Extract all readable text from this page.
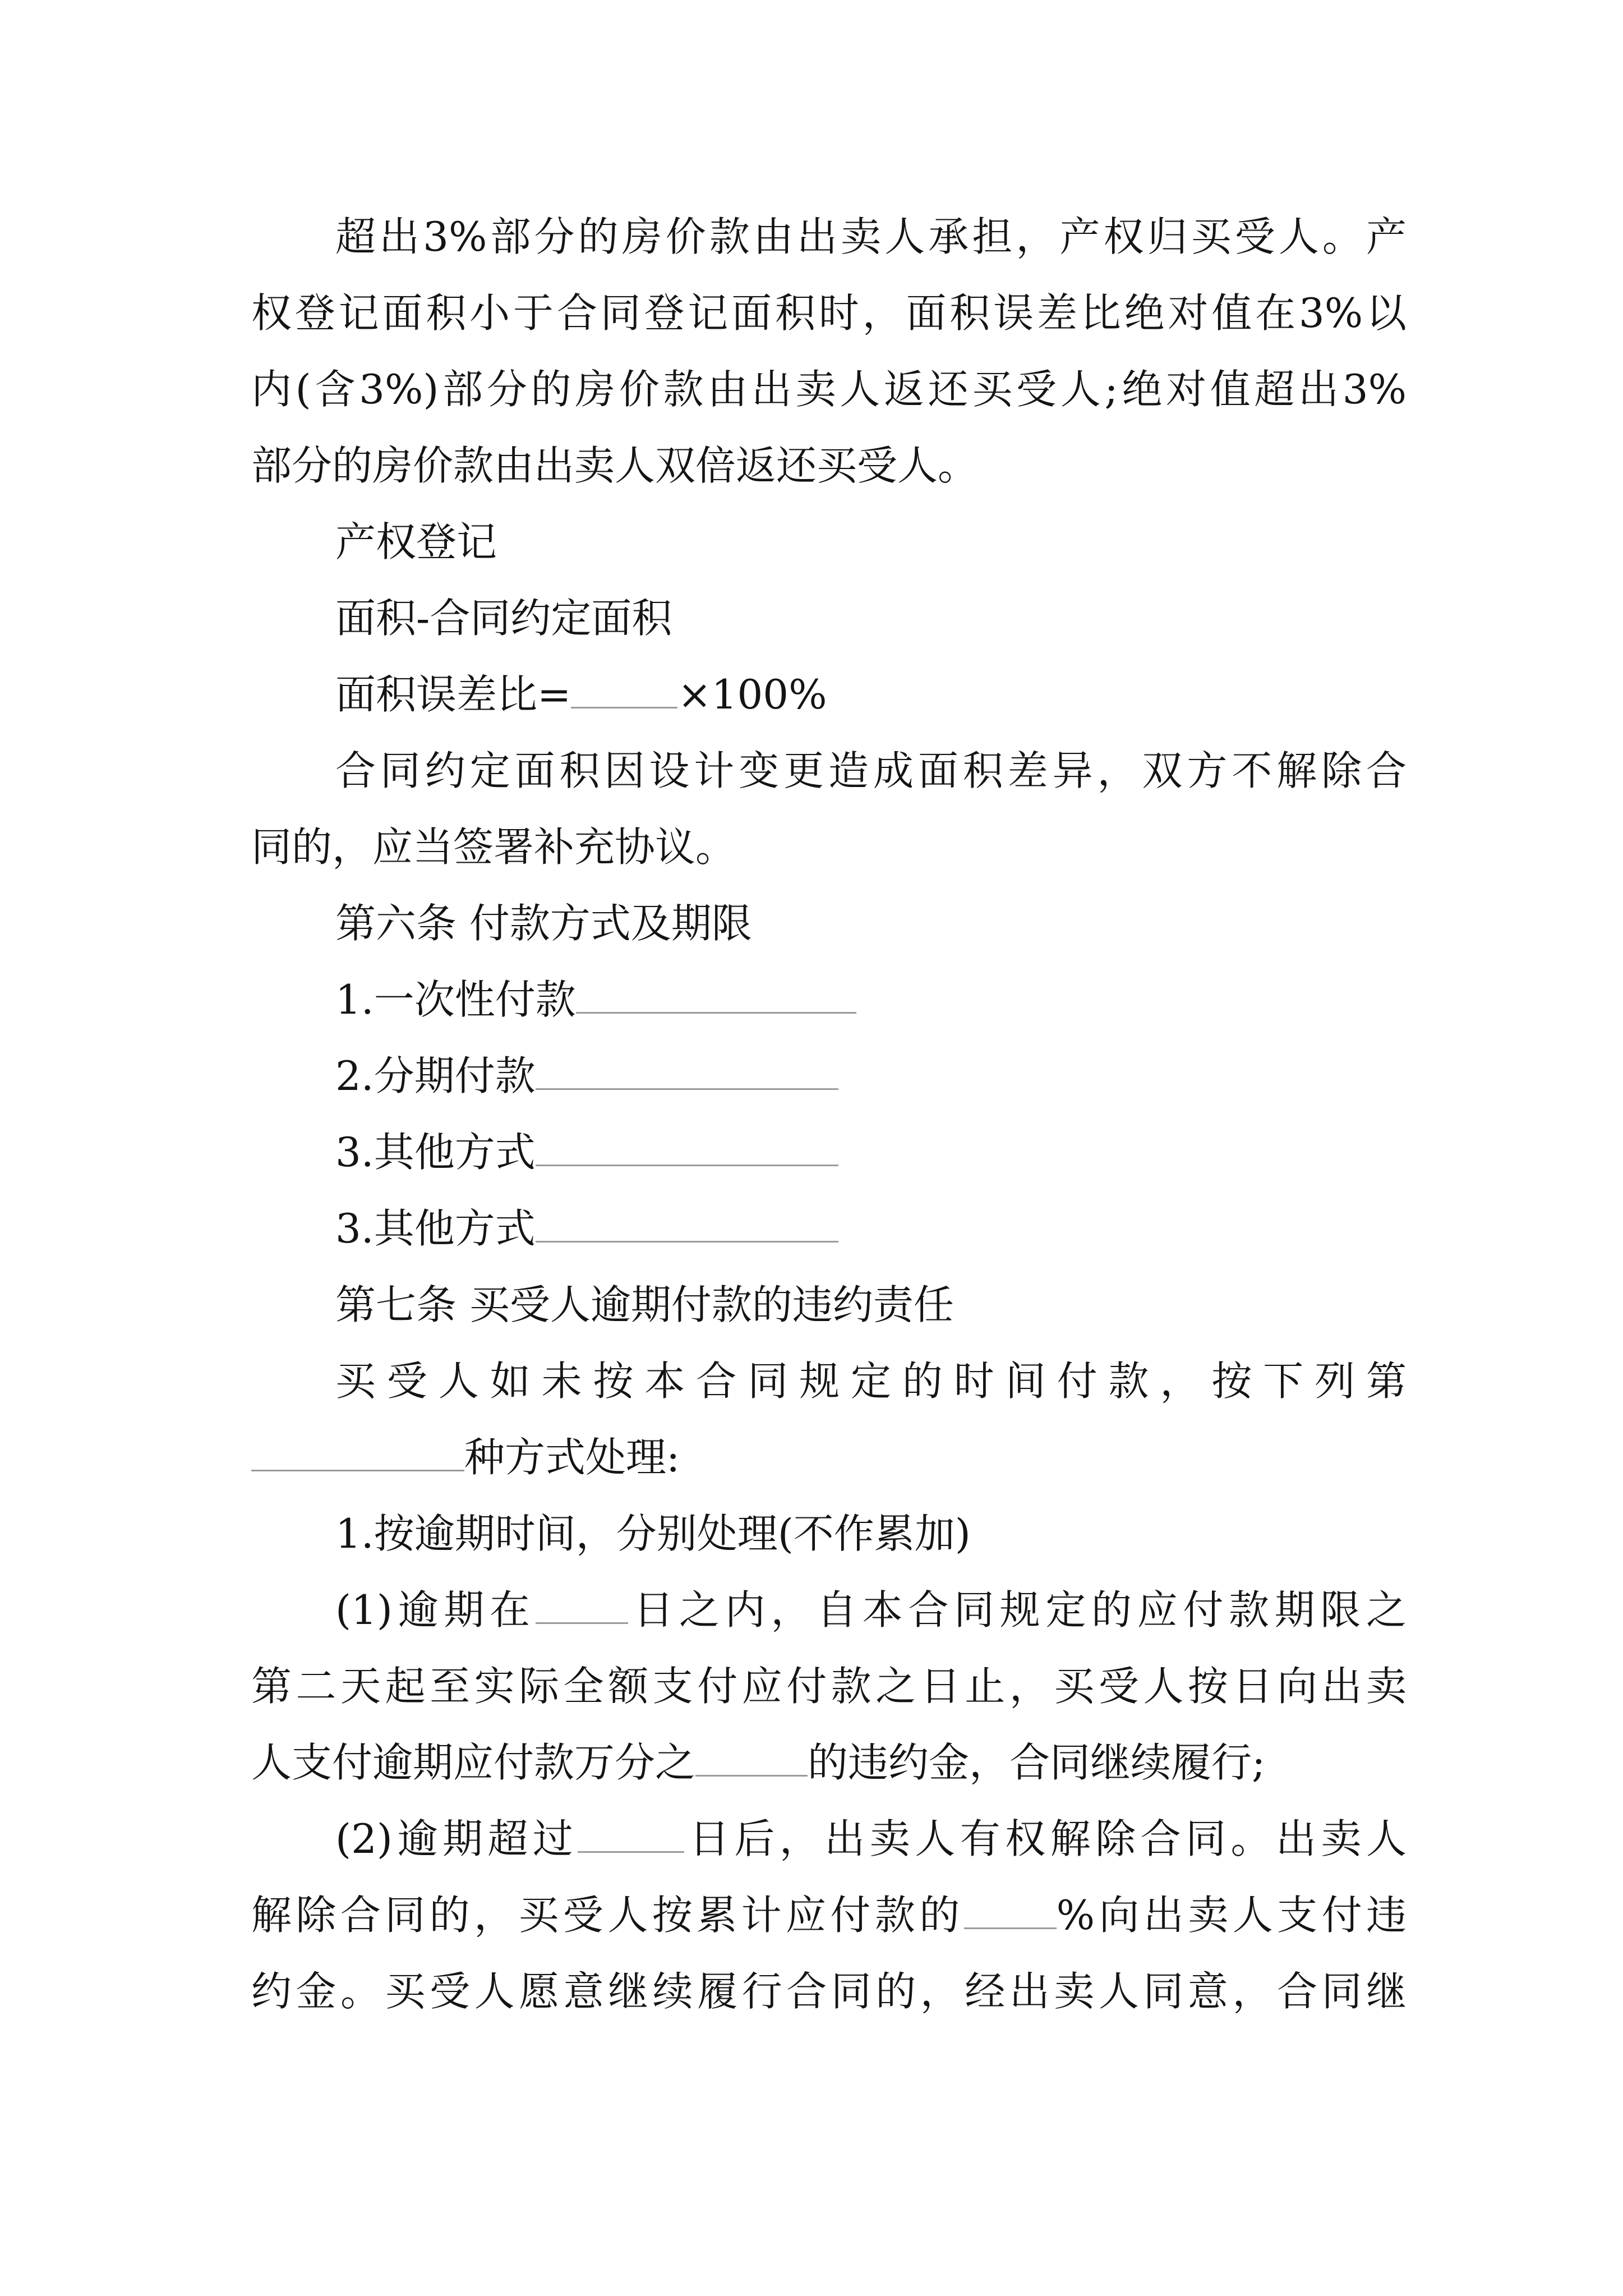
超出3%部分的房价款由出卖人承担，产权归买受人。产
权登记面积小于合同登记面积时，面积误差比绝对值在3%以
内(含3%)部分的房价款由出卖人返还买受人;绝对值超出3%
部分的房价款由出卖人双倍返还买受人。
产权登记
面积-合同约定面积
面积误差比=	×100%
合同约定面积因设计变更造成面积差异，双方不解除合
同的，应当签署补充协议。
第六条 付款方式及期限
1.一次性付款
2.分期付款
3.其他方式
3.其他方式
第七条 买受人逾期付款的违约责任
买受人如未按本合同规定的时间付款，按下列第
种方式处理:
1.按逾期时间，分别处理(不作累加)
(1)逾期在 日之内，自本合同规定的应付款期限之
第二天起至实际全额支付应付款之日止，买受人按日向出卖
人支付逾期应付款万分之	的违约金，合同继续履行;
(2)逾期超过	日后，出卖人有权解除合同。出卖人
解除合同的，买受人按累计应付款的 %向出卖人支付违
约金。买受人愿意继续履行合同的，经出卖人同意，合同继
